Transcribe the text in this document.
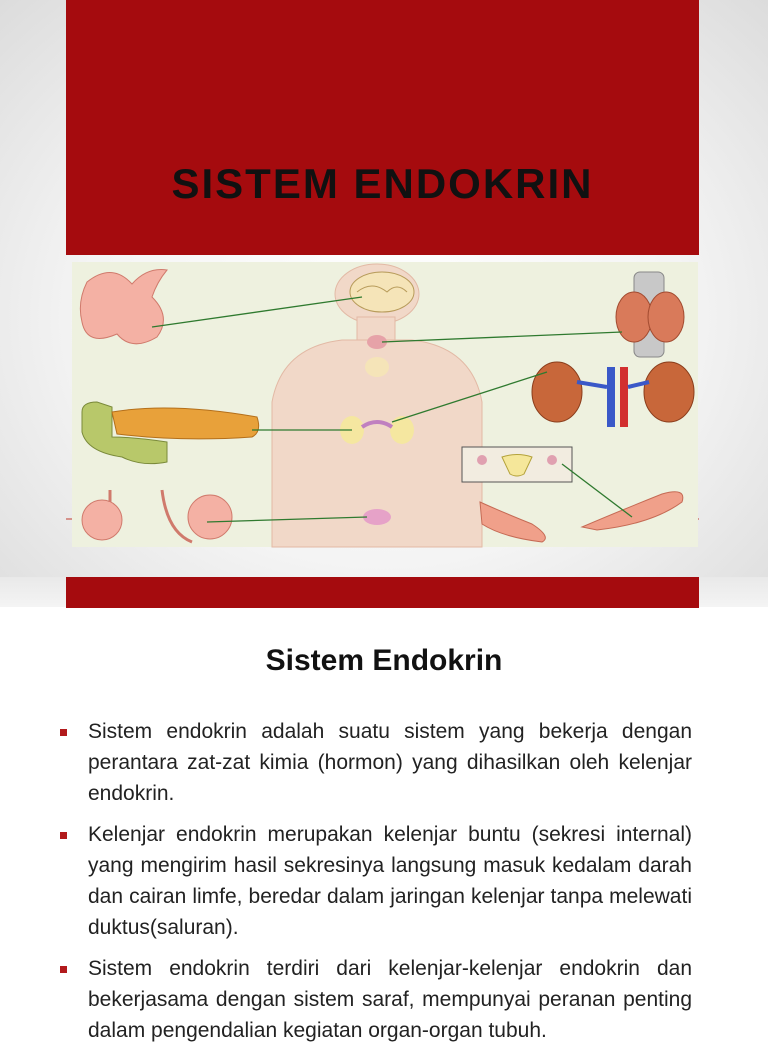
SISTEM ENDOKRIN
Sistem Endokrin
Sistem endokrin adalah suatu sistem yang bekerja dengan perantara zat-zat kimia (hormon) yang dihasilkan oleh kelenjar endokrin.
Kelenjar endokrin merupakan kelenjar buntu (sekresi internal) yang mengirim hasil sekresinya langsung masuk kedalam darah dan cairan limfe, beredar dalam jaringan kelenjar tanpa melewati duktus(saluran).
Sistem endokrin terdiri dari kelenjar-kelenjar endokrin dan bekerjasama dengan sistem saraf, mempunyai peranan penting dalam pengendalian kegiatan organ-organ tubuh.
